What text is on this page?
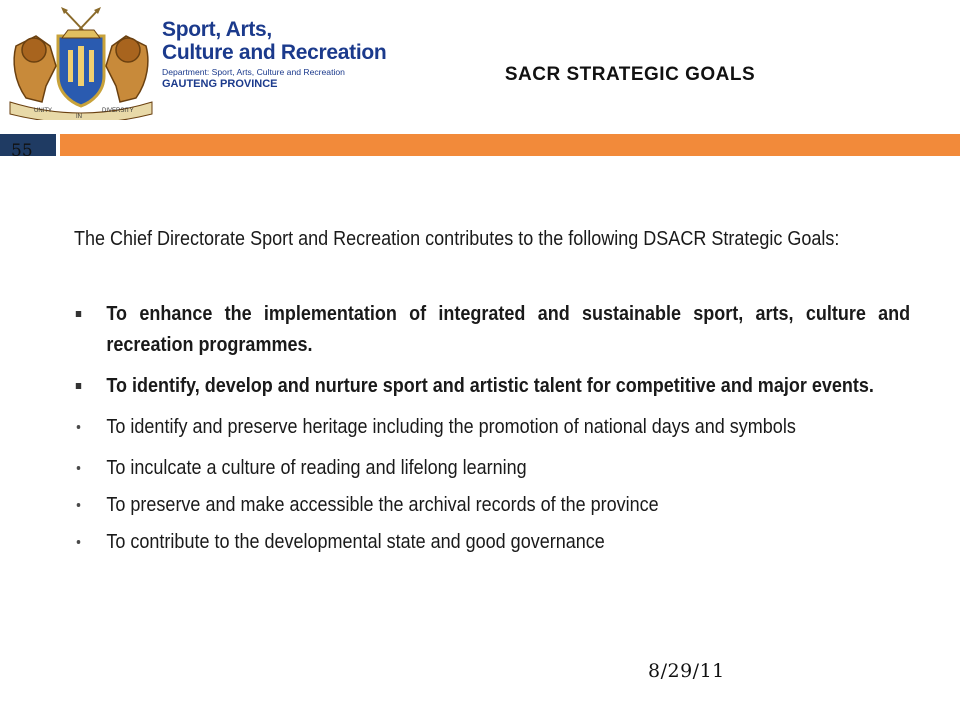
UNITY
IN
DIVERSITY
Sport, Arts,
Culture and Recreation
Department: Sport, Arts, Culture and Recreation
GAUTENG PROVINCE	SACR STRATEGIC GOALS
55

The Chief Directorate Sport and Recreation contributes to the following DSACR Strategic Goals:

To enhance the implementation of integrated and sustainable sport, arts, culture and recreation programmes.
To identify, develop and nurture sport and artistic talent for competitive and major events.
To identify and preserve heritage including the promotion of national days and symbols
To inculcate a culture of reading and lifelong learning
To preserve and make accessible the archival records of the province
To contribute to the developmental state and good governance
8/29/11
